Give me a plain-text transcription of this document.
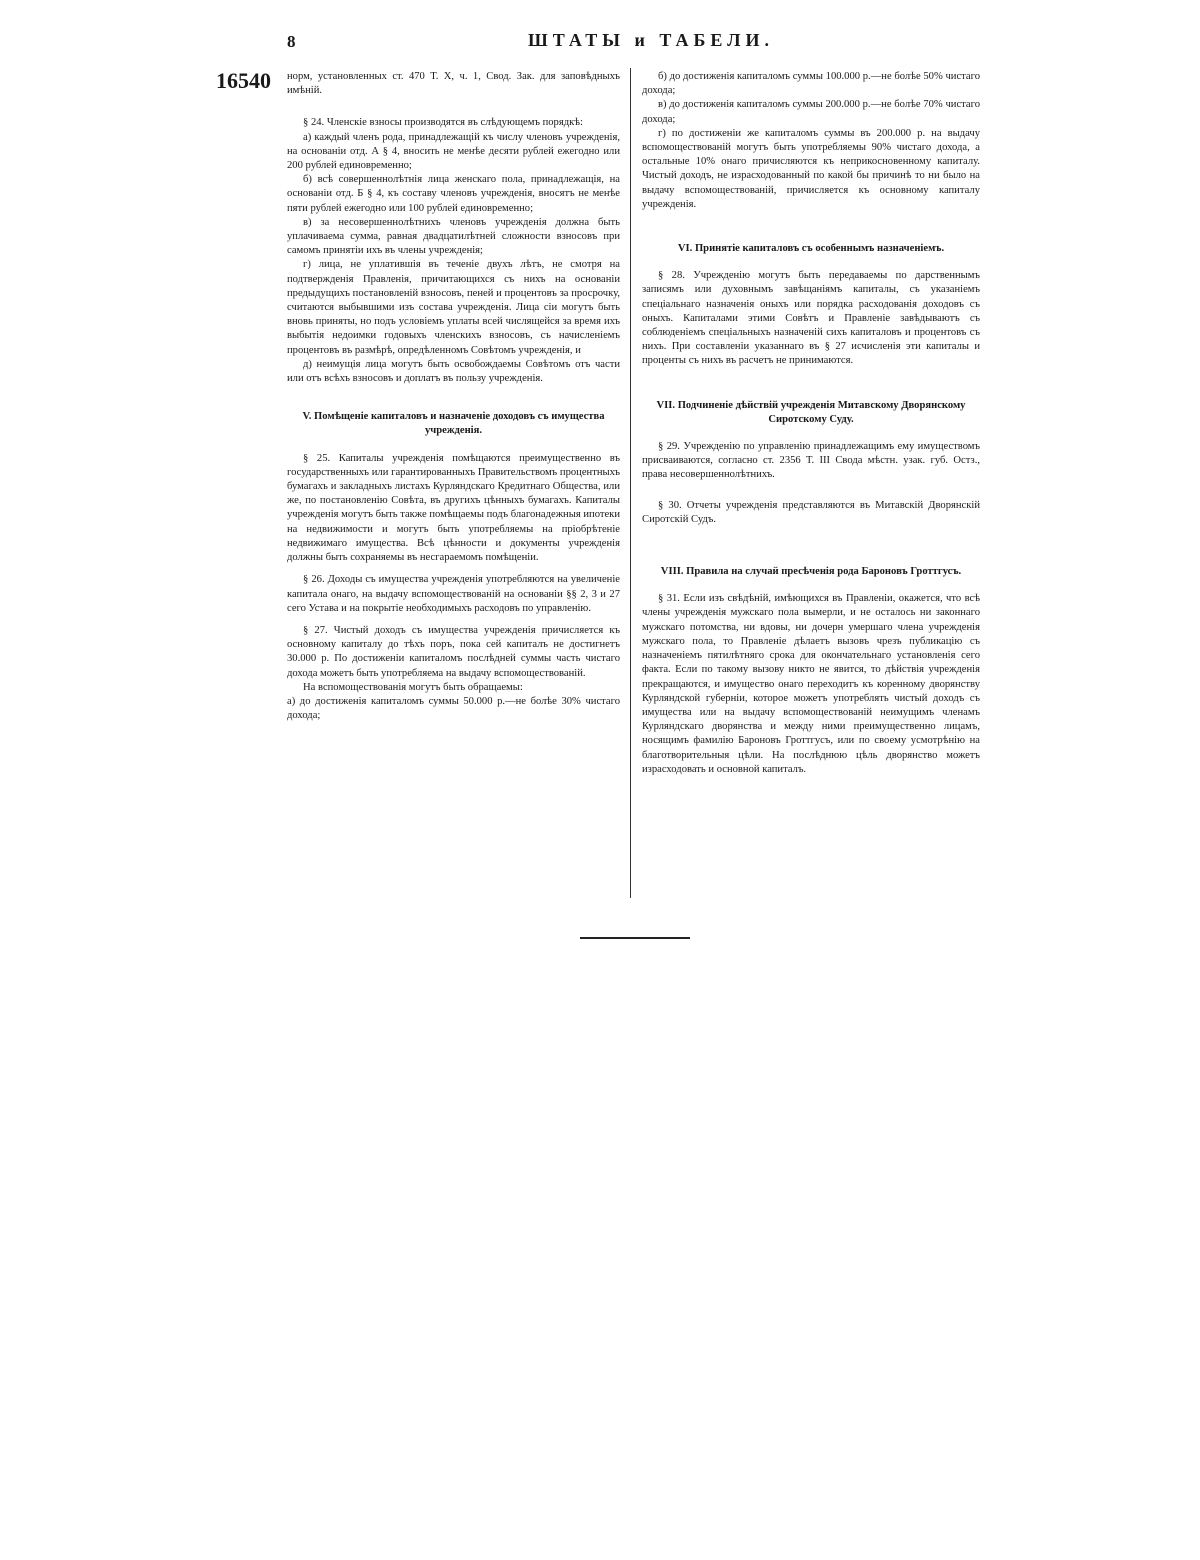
8	ШТАТЫ и ТАБЕЛИ.
16540 норм, установленных ст. 470 Т. X, ч. 1, Свод. Зак. для заповѣдныхъ имѣній.

§ 24. Членскіе взносы производятся въ слѣдующемъ порядкѣ:

а) каждый членъ рода, принадлежащій къ числу членовъ учрежденія, на основаніи отд. А § 4, вносить не менѣе десяти рублей ежегодно или 200 рублей единовременно;

б) всѣ совершеннолѣтнія лица женскаго пола, принадлежащія, на основаніи отд. Б § 4, къ составу членовъ учрежденія, вносятъ не менѣе пяти рублей ежегодно или 100 рублей единовременно;

в) за несовершеннолѣтнихъ членовъ учрежденія должна быть уплачиваема сумма, равная двадцатилѣтней сложности взносовъ при самомъ принятіи ихъ въ члены учрежденія;

г) лица, не уплатившія въ теченіе двухъ лѣтъ, не смотря на подтвержденія Правленія, причитающихся съ нихъ на основаніи предыдущихъ постановленій взносовъ, пеней и процентовъ за просрочку, считаются выбывшими изъ состава учрежденія. Лица сіи могутъ быть вновь приняты, но подъ условіемъ уплаты всей числящейся за время ихъ выбытія недоимки годовыхъ членскихъ взносовъ, съ начисленіемъ процентовъ въ размѣрѣ, опредѣленномъ Совѣтомъ учрежденія, и

д) неимущія лица могутъ быть освобождаемы Совѣтомъ отъ части или отъ всѣхъ взносовъ и доплатъ въ пользу учрежденія.

V. Помѣщеніе капиталовъ и назначеніе доходовъ съ имущества учрежденія.

§ 25. Капиталы учрежденія помѣщаются преимущественно въ государственныхъ или гарантированныхъ Правительствомъ процентныхъ бумагахъ и закладныхъ листахъ Курляндскаго Кредитнаго Общества, или же, по постановленію Совѣта, въ другихъ цѣнныхъ бумагахъ. Капиталы учрежденія могутъ быть также помѣщаемы подъ благонадежныя ипотеки на недвижимости и могутъ быть употребляемы на пріобрѣтеніе недвижимаго имущества. Всѣ цѣнности и документы учрежденія должны быть сохраняемы въ несгараемомъ помѣщеніи.

§ 26. Доходы съ имущества учрежденія употребляются на увеличеніе капитала онаго, на выдачу вспомоществованій на основаніи §§ 2, 3 и 27 сего Устава и на покрытіе необходимыхъ расходовъ по управленію.

§ 27. Чистый доходъ съ имущества учрежденія причисляется къ основному капиталу до тѣхъ поръ, пока сей капиталъ не достигнетъ 30.000 р. По достиженіи капиталомъ послѣдней суммы часть чистаго дохода можетъ быть употребляема на выдачу вспомоществованій.

На вспомоществованія могутъ быть обращаемы:

а) до достиженія капиталомъ суммы 50.000 р.—не болѣе 30% чистаго дохода;

б) до достиженія капиталомъ суммы 100.000 р.—не болѣе 50% чистаго дохода;

в) до достиженія капиталомъ суммы 200.000 р.—не болѣе 70% чистаго дохода;

г) по достиженіи же капиталомъ суммы въ 200.000 р. на выдачу вспомоществованій могутъ быть употребляемы 90% чистаго дохода, а остальные 10% онаго причисляются къ неприкосновенному капиталу. Чистый доходъ, не израсходованный по какой бы причинѣ то ни было на выдачу вспомоществованій, причисляется къ основному капиталу учрежденія.

VI. Принятіе капиталовъ съ особеннымъ назначеніемъ.

§ 28. Учрежденію могутъ быть передаваемы по дарственнымъ записямъ или духовнымъ завѣщаніямъ капиталы, съ указаніемъ спеціальнаго назначенія оныхъ или порядка расходованія доходовъ съ оныхъ. Капиталами этими Совѣтъ и Правленіе завѣдываютъ съ соблюденіемъ спеціальныхъ назначеній сихъ капиталовъ и процентовъ съ нихъ. При составленіи указаннаго въ § 27 исчисленія эти капиталы и проценты съ нихъ въ расчетъ не принимаются.

VII. Подчиненіе дѣйствій учрежденія Митавскому Дворянскому Сиротскому Суду.

§ 29. Учрежденію по управленію принадлежащимъ ему имуществомъ присваиваются, согласно ст. 2356 Т. III Свода мѣстн. узак. губ. Остз., права несовершеннолѣтнихъ.

§ 30. Отчеты учрежденія представляются въ Митавскій Дворянскій Сиротскій Судъ.

VIII. Правила на случай пресѣченія рода Бароновъ Гроттгусъ.

§ 31. Если изъ свѣдѣній, имѣющихся въ Правленіи, окажется, что всѣ члены учрежденія мужскаго пола вымерли, и не осталось ни законнаго мужскаго потомства, ни вдовы, ни дочерн умершаго члена учрежденія мужскаго пола, то Правленіе дѣлаетъ вызовъ чрезъ публикацію съ назначеніемъ пятилѣтняго срока для окончательнаго установленія сего факта. Если по такому вызову никто не явится, то дѣйствія учрежденія прекращаются, и имущество онаго переходитъ къ коренному дворянству Курляндской губерніи, которое можетъ употреблять чистый доходъ съ имущества или на выдачу вспомоществованій неимущимъ членамъ Курляндскаго дворянства и между ними преимущественно лицамъ, носящимъ фамилію Бароновъ Гроттгусъ, или по своему усмотрѣнію на благотворительныя цѣли. На послѣднюю цѣль дворянство можетъ израсходовать и основной капиталъ.
